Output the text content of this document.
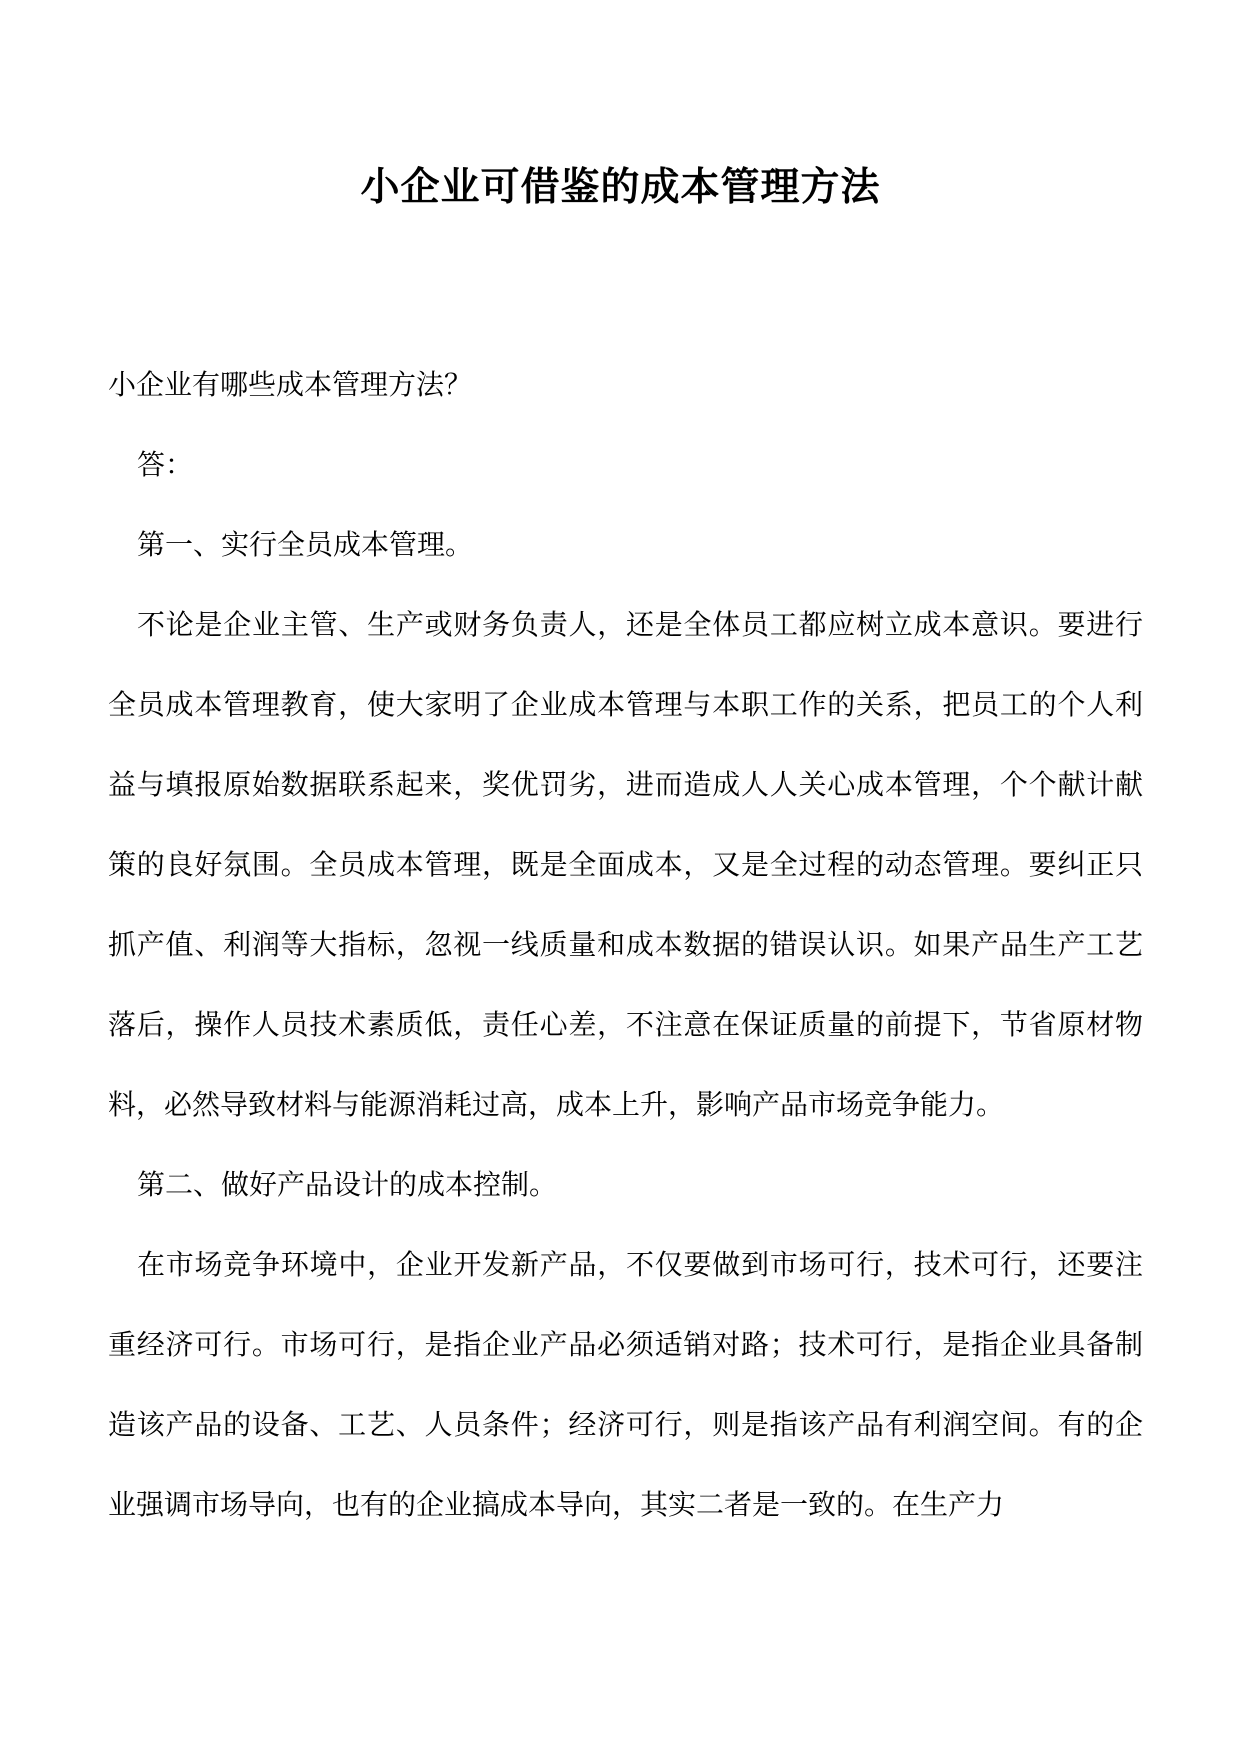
小企业可借鉴的成本管理方法

小企业有哪些成本管理方法？

答：

第一、实行全员成本管理。

不论是企业主管、生产或财务负责人，还是全体员工都应树立成本意识。要进行全员成本管理教育，使大家明了企业成本管理与本职工作的关系，把员工的个人利益与填报原始数据联系起来，奖优罚劣，进而造成人人关心成本管理，个个献计献策的良好氛围。全员成本管理，既是全面成本，又是全过程的动态管理。要纠正只抓产值、利润等大指标，忽视一线质量和成本数据的错误认识。如果产品生产工艺落后，操作人员技术素质低，责任心差，不注意在保证质量的前提下，节省原材物料，必然导致材料与能源消耗过高，成本上升，影响产品市场竞争能力。

第二、做好产品设计的成本控制。

在市场竞争环境中，企业开发新产品，不仅要做到市场可行，技术可行，还要注重经济可行。市场可行，是指企业产品必须适销对路；技术可行，是指企业具备制造该产品的设备、工艺、人员条件；经济可行，则是指该产品有利润空间。有的企业强调市场导向，也有的企业搞成本导向，其实二者是一致的。在生产力
